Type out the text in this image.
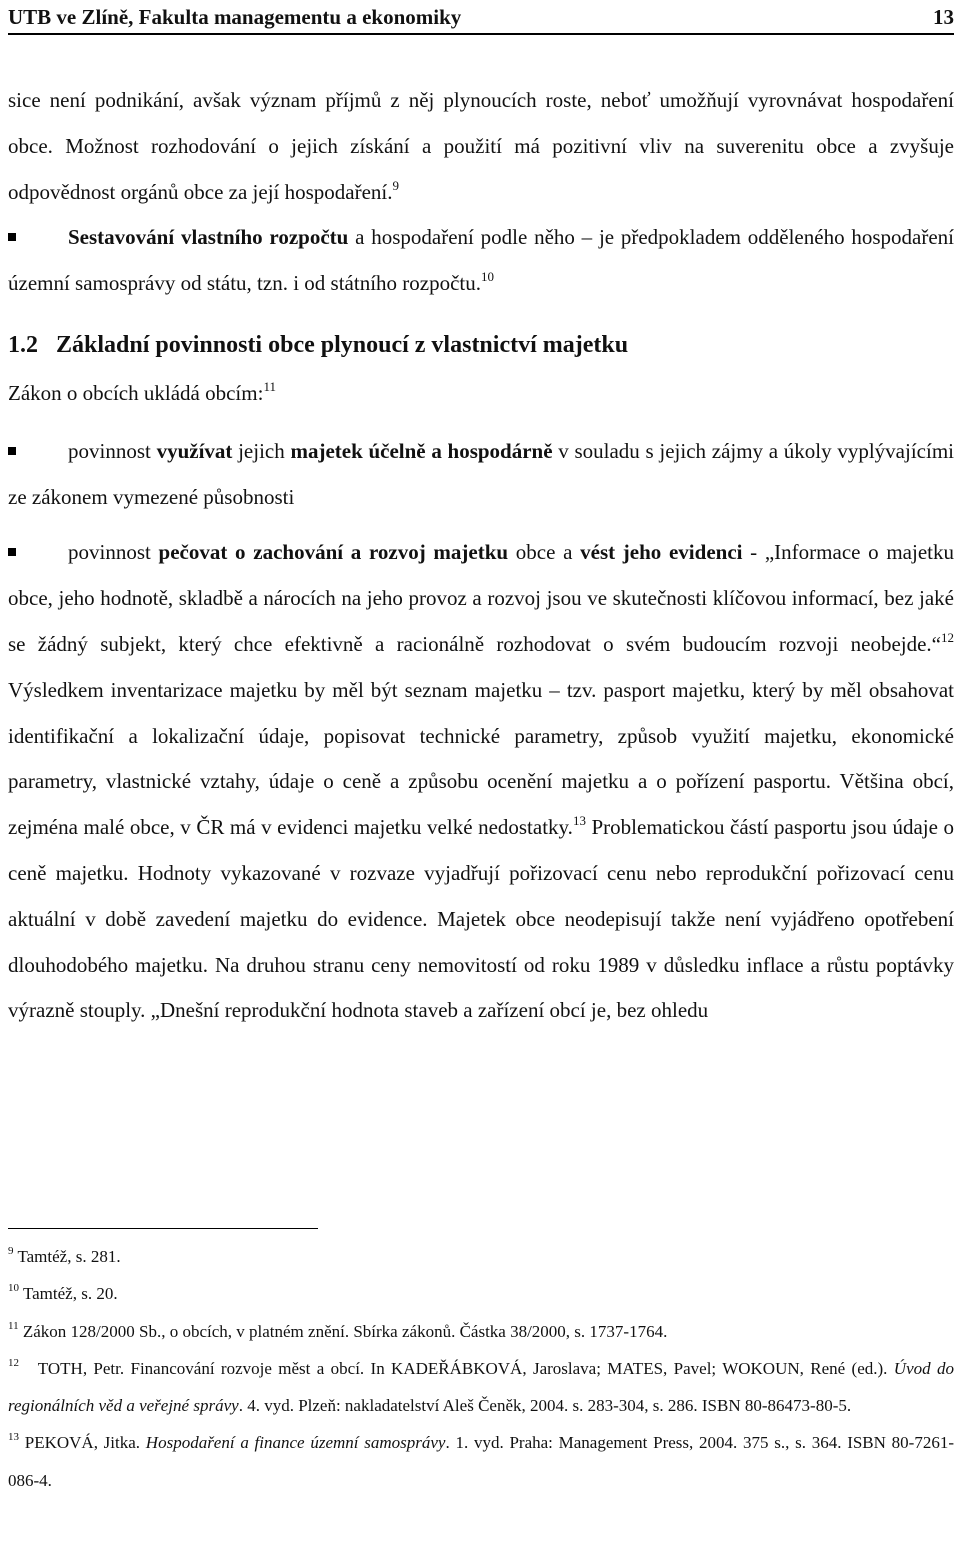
UTB ve Zlíně, Fakulta managementu a ekonomiky	13

sice není podnikání, avšak význam příjmů z něj plynoucích roste, neboť umožňují vyrovnávat hospodaření obce. Možnost rozhodování o jejich získání a použití má pozitivní vliv na suverenitu obce a zvyšuje odpovědnost orgánů obce za její hospodaření.$^9$

Sestavování vlastního rozpočtu a hospodaření podle něho – je předpokladem odděleného hospodaření územní samosprávy od státu, tzn. i od státního rozpočtu.$^{10}$

1.2   Základní povinnosti obce plynoucí z vlastnictví majetku

Zákon o obcích ukládá obcím:$^{11}$

povinnost využívat jejich majetek účelně a hospodárně v souladu s jejich zájmy a úkoly vyplývajícími ze zákonem vymezené působnosti

povinnost pečovat o zachování a rozvoj majetku obce a vést jeho evidenci - „Informace o majetku obce, jeho hodnotě, skladbě a nárocích na jeho provoz a rozvoj jsou ve skutečnosti klíčovou informací, bez jaké se žádný subjekt, který chce efektivně a racionálně rozhodovat o svém budoucím rozvoji neobejde.“$^{12}$ Výsledkem inventarizace majetku by měl být seznam majetku – tzv. pasport majetku, který by měl obsahovat identifikační a lokalizační údaje, popisovat technické parametry, způsob využití majetku, ekonomické parametry, vlastnické vztahy, údaje o ceně a způsobu ocenění majetku a o pořízení pasportu. Většina obcí, zejména malé obce, v ČR má v evidenci majetku velké nedostatky.$^{13}$ Problematickou částí pasportu jsou údaje o ceně majetku. Hodnoty vykazované v rozvaze vyjadřují pořizovací cenu nebo reprodukční pořizovací cenu aktuální v době zavedení majetku do evidence. Majetek obce neodepisují takže není vyjádřeno opotřebení dlouhodobého majetku. Na druhou stranu ceny nemovitostí od roku 1989 v důsledku inflace a růstu poptávky výrazně stouply. „Dnešní reprodukční hodnota staveb a zařízení obcí je, bez ohledu

$^9$ Tamtéž, s. 281.

$^{10}$ Tamtéž, s. 20.

$^{11}$ Zákon 128/2000 Sb., o obcích, v platném znění. Sbírka zákonů. Částka 38/2000, s. 1737-1764.

$^{12}$   TOTH, Petr. Financování rozvoje měst a obcí. In KADEŘÁBKOVÁ, Jaroslava; MATES, Pavel; WOKOUN, René (ed.). Úvod do regionálních věd a veřejné správy. 4. vyd. Plzeň: nakladatelství Aleš Čeněk, 2004. s. 283-304, s. 286. ISBN 80-86473-80-5.

$^{13}$ PEKOVÁ, Jitka. Hospodaření a finance územní samosprávy. 1. vyd. Praha: Management Press, 2004. 375 s., s. 364. ISBN 80-7261-086-4.
